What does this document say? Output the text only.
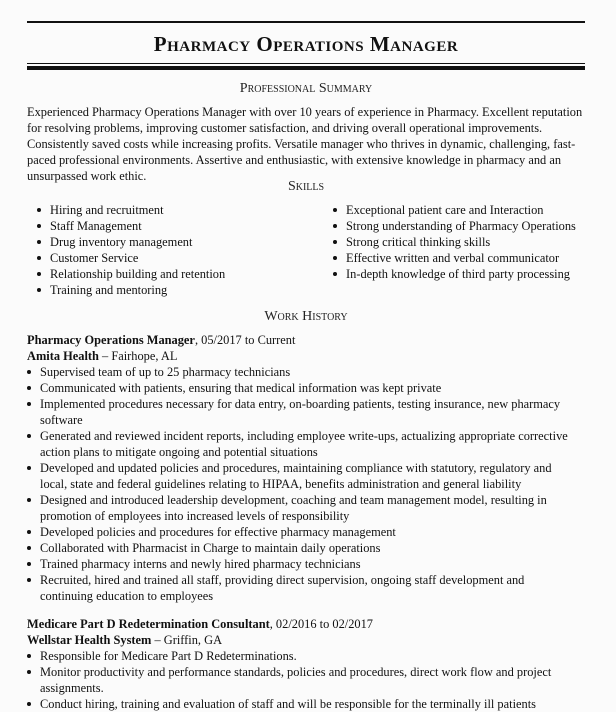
Pharmacy Operations Manager
Professional Summary

Experienced Pharmacy Operations Manager with over 10 years of experience in Pharmacy. Excellent reputation for resolving problems, improving customer satisfaction, and driving overall operational improvements. Consistently saved costs while increasing profits. Versatile manager who thrives in dynamic, challenging, fast-paced professional environments. Assertive and enthusiastic, with extensive knowledge in pharmacy and an unsurpassed work ethic.

Skills
Hiring and recruitment
Staff Management
Drug inventory management
Customer Service
Relationship building and retention
Training and mentoring
Exceptional patient care and Interaction
Strong understanding of Pharmacy Operations
Strong critical thinking skills
Effective written and verbal communicator
In-depth knowledge of third party processing
Work History
Pharmacy Operations Manager, 05/2017 to Current
Amita Health – Fairhope, AL
Supervised team of up to 25 pharmacy technicians
Communicated with patients, ensuring that medical information was kept private
Implemented procedures necessary for data entry, on-boarding patients, testing insurance, new pharmacy software
Generated and reviewed incident reports, including employee write-ups, actualizing appropriate corrective action plans to mitigate ongoing and potential situations
Developed and updated policies and procedures, maintaining compliance with statutory, regulatory and local, state and federal guidelines relating to HIPAA, benefits administration and general liability
Designed and introduced leadership development, coaching and team management model, resulting in promotion of employees into increased levels of responsibility
Developed policies and procedures for effective pharmacy management
Collaborated with Pharmacist in Charge to maintain daily operations
Trained pharmacy interns and newly hired pharmacy technicians
Recruited, hired and trained all staff, providing direct supervision, ongoing staff development and continuing education to employees
Medicare Part D Redetermination Consultant, 02/2016 to 02/2017
Wellstar Health System – Griffin, GA
Responsible for Medicare Part D Redeterminations.
Monitor productivity and performance standards, policies and procedures, direct work flow and project assignments.
Conduct hiring, training and evaluation of staff and will be responsible for the terminally ill patients
